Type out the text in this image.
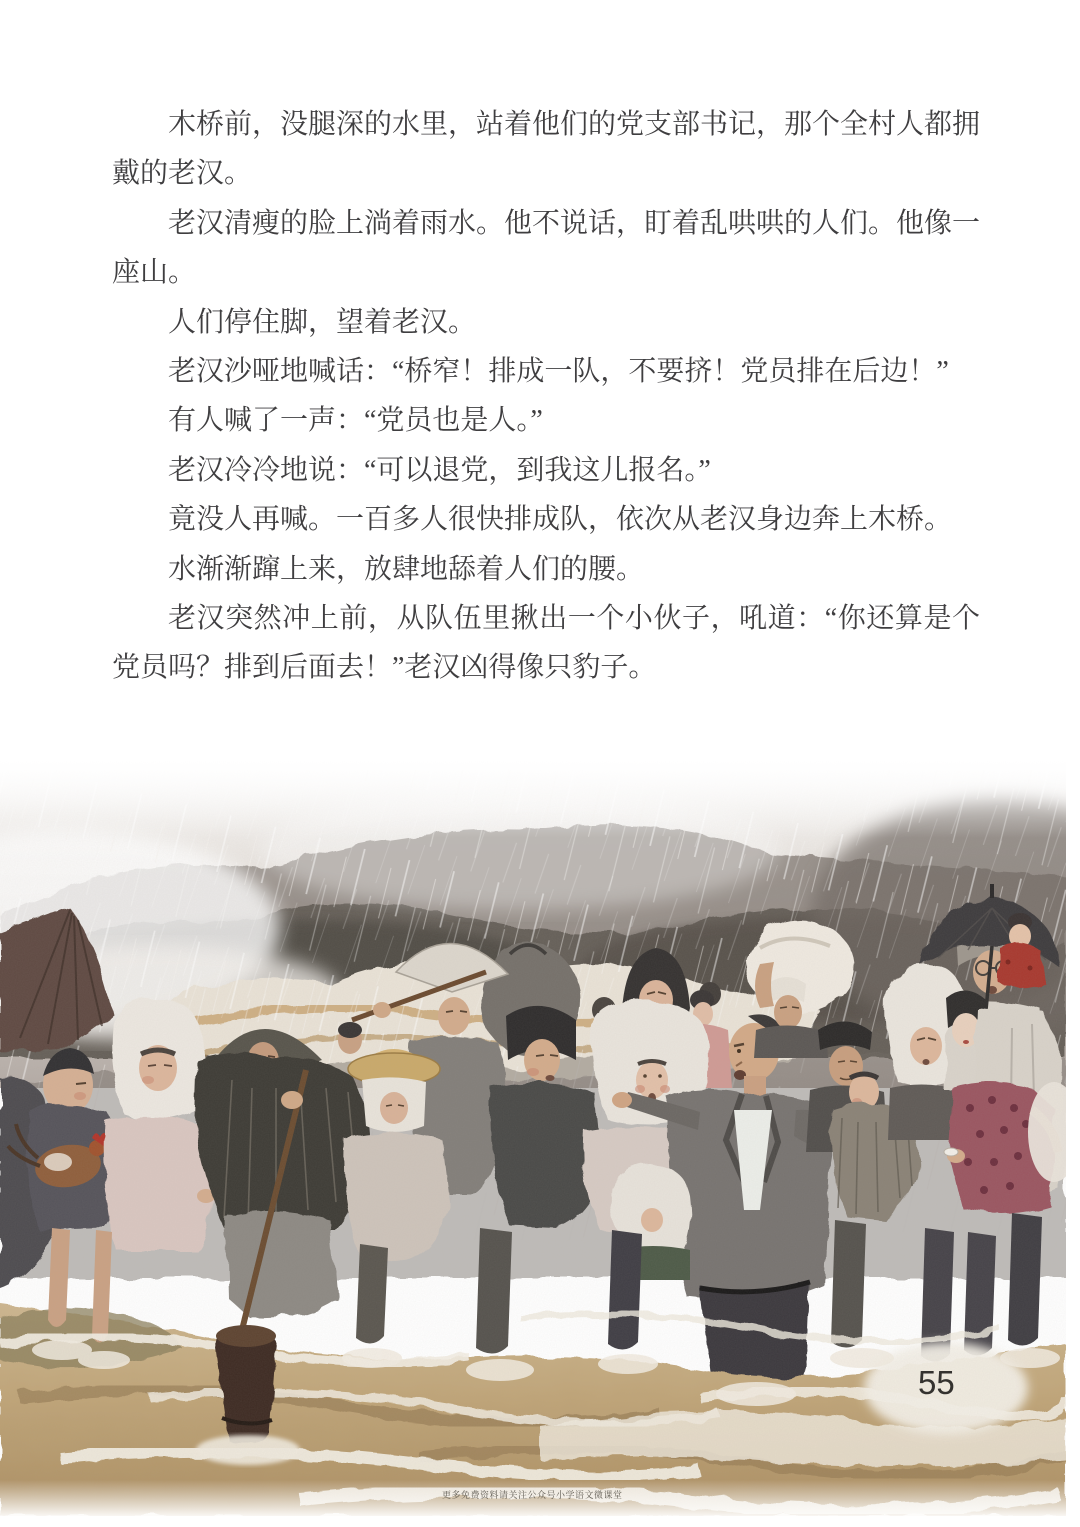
木桥前，没腿深的水里，站着他们的党支部书记，那个全村人都拥戴的老汉。

老汉清瘦的脸上淌着雨水。他不说话，盯着乱哄哄的人们。他像一座山。

人们停住脚，望着老汉。

老汉沙哑地喊话：“桥窄！排成一队，不要挤！党员排在后边！”

有人喊了一声：“党员也是人。”

老汉冷冷地说：“可以退党，到我这儿报名。”

竟没人再喊。一百多人很快排成队，依次从老汉身边奔上木桥。

水渐渐蹿上来，放肆地舔着人们的腰。

老汉突然冲上前，从队伍里揪出一个小伙子，吼道：“你还算是个党员吗？排到后面去！”老汉凶得像只豹子。

55
更多免费资料请关注公众号小学语文微课堂
